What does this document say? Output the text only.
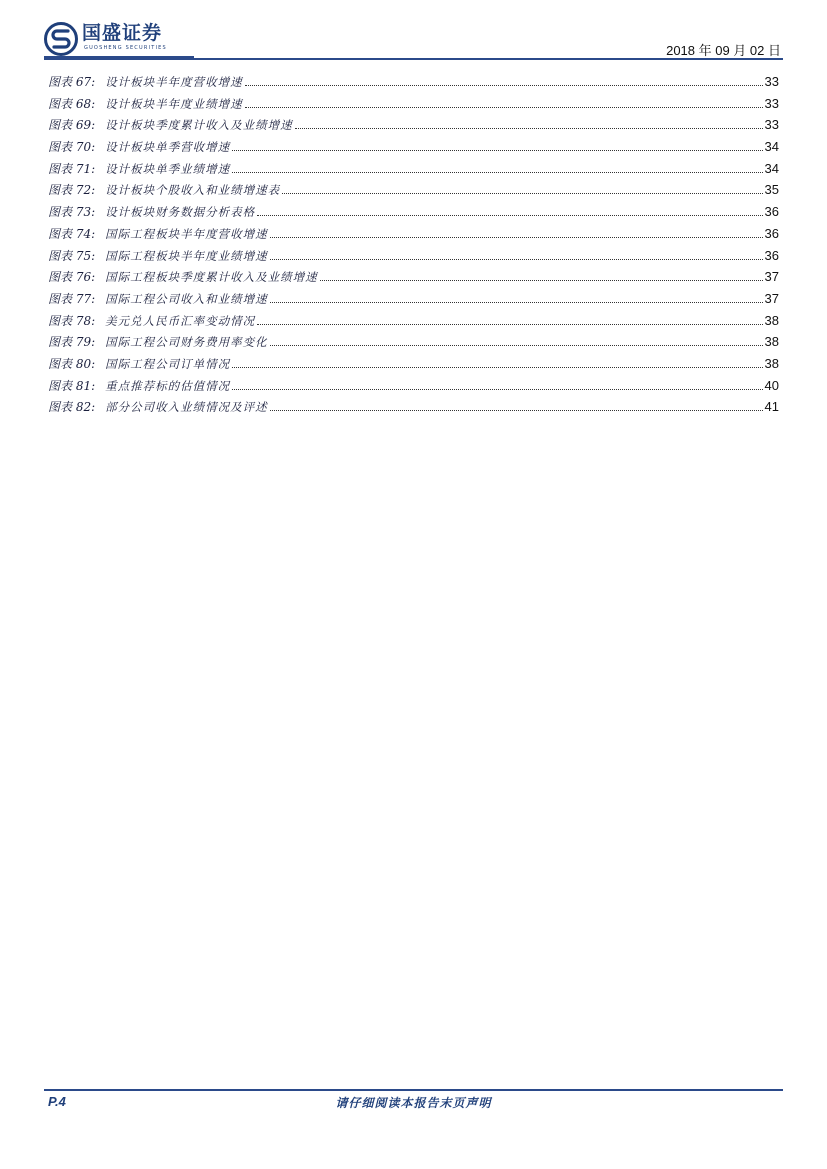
国盛证券
GUOSHENG SECURITIES	2018 年 09 月 02 日
图表 67: 设计板块半年度营收增速	33
图表 68: 设计板块半年度业绩增速	33
图表 69: 设计板块季度累计收入及业绩增速	33
图表 70: 设计板块单季营收增速	34
图表 71: 设计板块单季业绩增速	34
图表 72: 设计板块个股收入和业绩增速表	35
图表 73: 设计板块财务数据分析表格	36
图表 74: 国际工程板块半年度营收增速	36
图表 75: 国际工程板块半年度业绩增速	36
图表 76: 国际工程板块季度累计收入及业绩增速	37
图表 77: 国际工程公司收入和业绩增速	37
图表 78: 美元兑人民币汇率变动情况	38
图表 79: 国际工程公司财务费用率变化	38
图表 80: 国际工程公司订单情况	38
图表 81: 重点推荐标的估值情况	40
图表 82: 部分公司收入业绩情况及评述	41
P.4	请仔细阅读本报告末页声明
